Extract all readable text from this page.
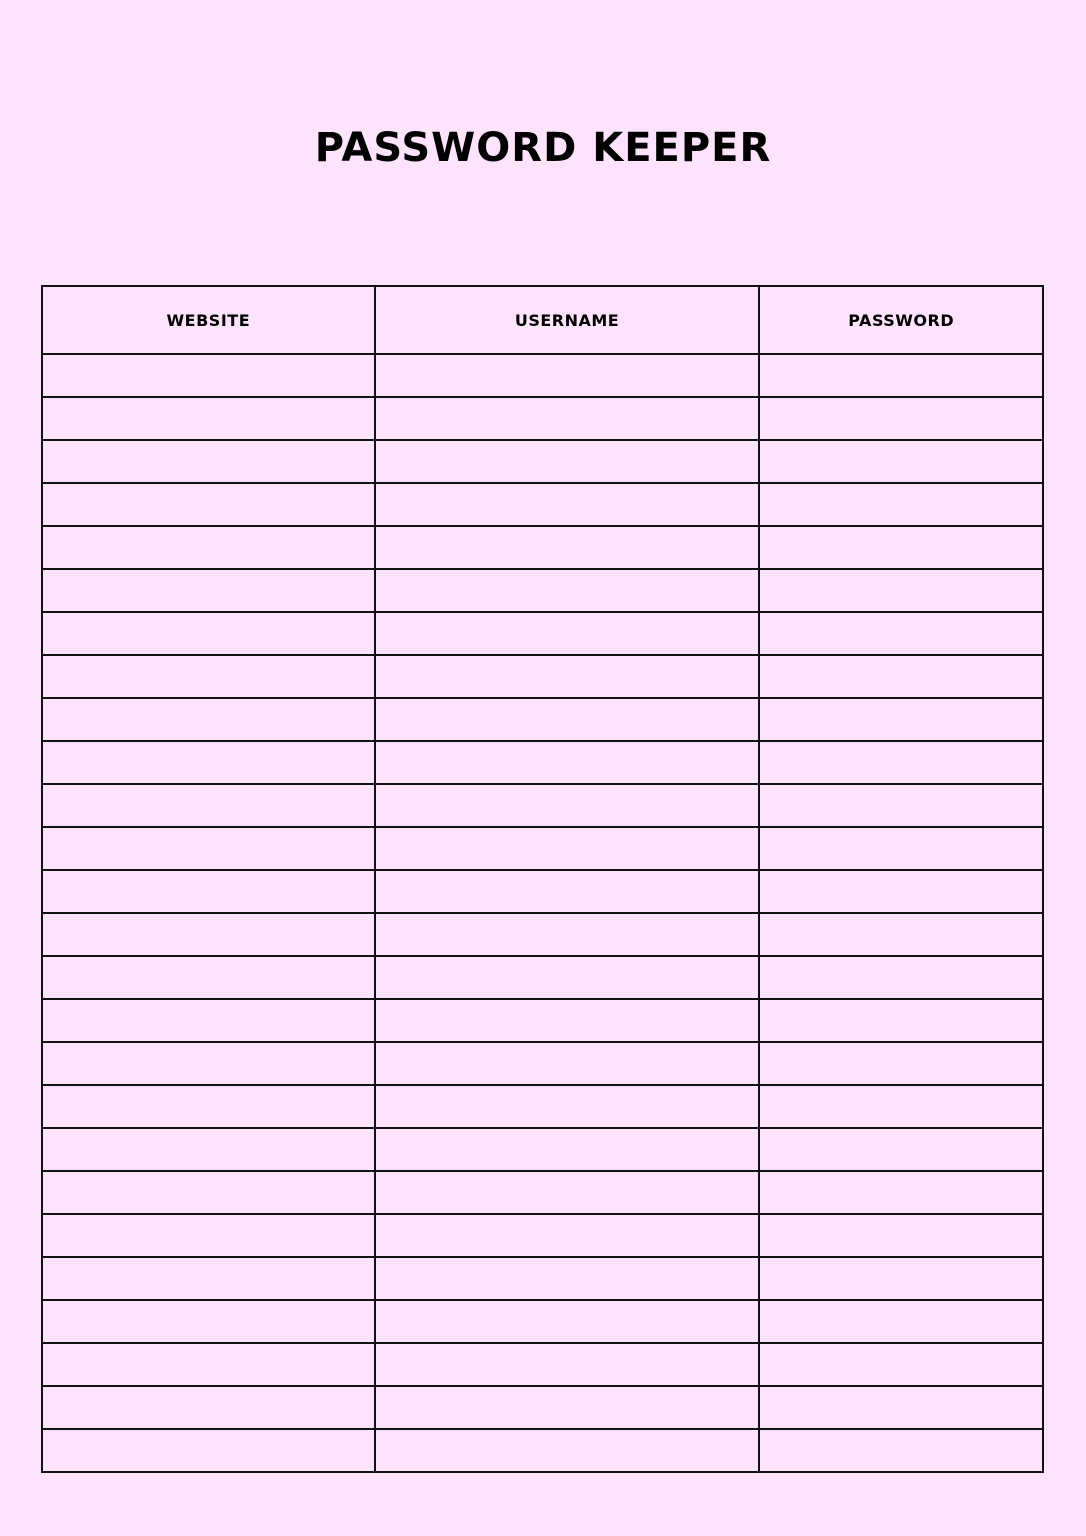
PASSWORD KEEPER
WEBSITE	USERNAME	PASSWORD
